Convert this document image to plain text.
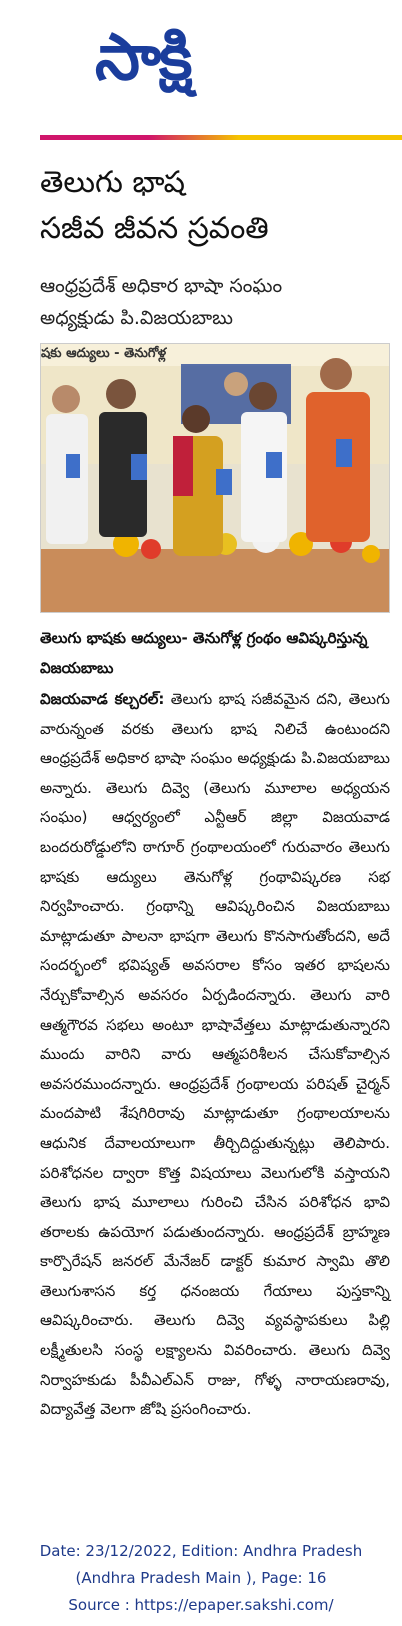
సాక్షి
తెలుగు భాష
సజీవ జీవన స్రవంతి
ఆంధ్రప్రదేశ్ అధికార భాషా సంఘం
అధ్యక్షుడు పి.విజయబాబు
షకు ఆద్యులు - తెనుగోళ్ల
తెలుగు భాషకు ఆద్యులు- తెనుగోళ్ల గ్రంథం ఆవిష్కరిస్తున్న విజయబాబు
విజయవాడ కల్చరల్: తెలుగు భాష సజీవమైన దని, తెలుగు వారున్నంత వరకు తెలుగు భాష నిలిచే ఉంటుందని ఆంధ్రప్రదేశ్ అధికార భాషా సంఘం అధ్యక్షుడు పి.విజయబాబు అన్నారు. తెలుగు దివ్వె (తెలుగు మూలాల అధ్యయన సంఘం) ఆధ్వర్యంలో ఎన్టీఆర్ జిల్లా విజయవాడ బందరురోడ్డులోని ఠాగూర్ గ్రంథాలయంలో గురువారం తెలుగు భాషకు ఆద్యులు తెనుగోళ్ల గ్రంథావిష్కరణ సభ నిర్వహించారు. గ్రంథాన్ని ఆవిష్కరించిన విజయబాబు మాట్లాడుతూ పాలనా భాషగా తెలుగు కొనసాగుతోందని, అదే సందర్భంలో భవిష్యత్ అవసరాల కోసం ఇతర భాషలను నేర్చుకోవాల్సిన అవసరం ఏర్పడిందన్నారు. తెలుగు వారి ఆత్మగౌరవ సభలు అంటూ భాషావేత్తలు మాట్లాడుతున్నారని ముందు వారిని వారు ఆత్మపరిశీలన చేసుకోవాల్సిన అవసరముందన్నారు. ఆంధ్రప్రదేశ్ గ్రంథాలయ పరిషత్ చైర్మన్ మందపాటి శేషగిరిరావు మాట్లాడుతూ గ్రంథాలయాలను ఆధునిక దేవాలయాలుగా తీర్చిదిద్దుతున్నట్లు తెలిపారు. పరిశోధనల ద్వారా కొత్త విషయాలు వెలుగులోకి వస్తాయని తెలుగు భాష మూలాలు గురించి చేసిన పరిశోధన భావి తరాలకు ఉపయోగ పడుతుందన్నారు. ఆంధ్రప్రదేశ్ బ్రాహ్మణ కార్పొరేషన్ జనరల్ మేనేజర్ డాక్టర్ కుమార స్వామి తొలి తెలుగుశాసన కర్త ధనంజయ గేయాలు పుస్తకాన్ని ఆవిష్కరించారు. తెలుగు దివ్వె వ్యవస్థాపకులు పిల్లి లక్ష్మీతులసి సంస్థ లక్ష్యాలను వివరించారు. తెలుగు దివ్వె నిర్వాహకుడు పీవీఎల్ఎన్ రాజు, గోళ్ళ నారాయణరావు, విద్యావేత్త వెలగా జోషి ప్రసంగించారు.
Date: 23/12/2022, Edition: Andhra Pradesh
(Andhra Pradesh Main ), Page: 16
Source : https://epaper.sakshi.com/
